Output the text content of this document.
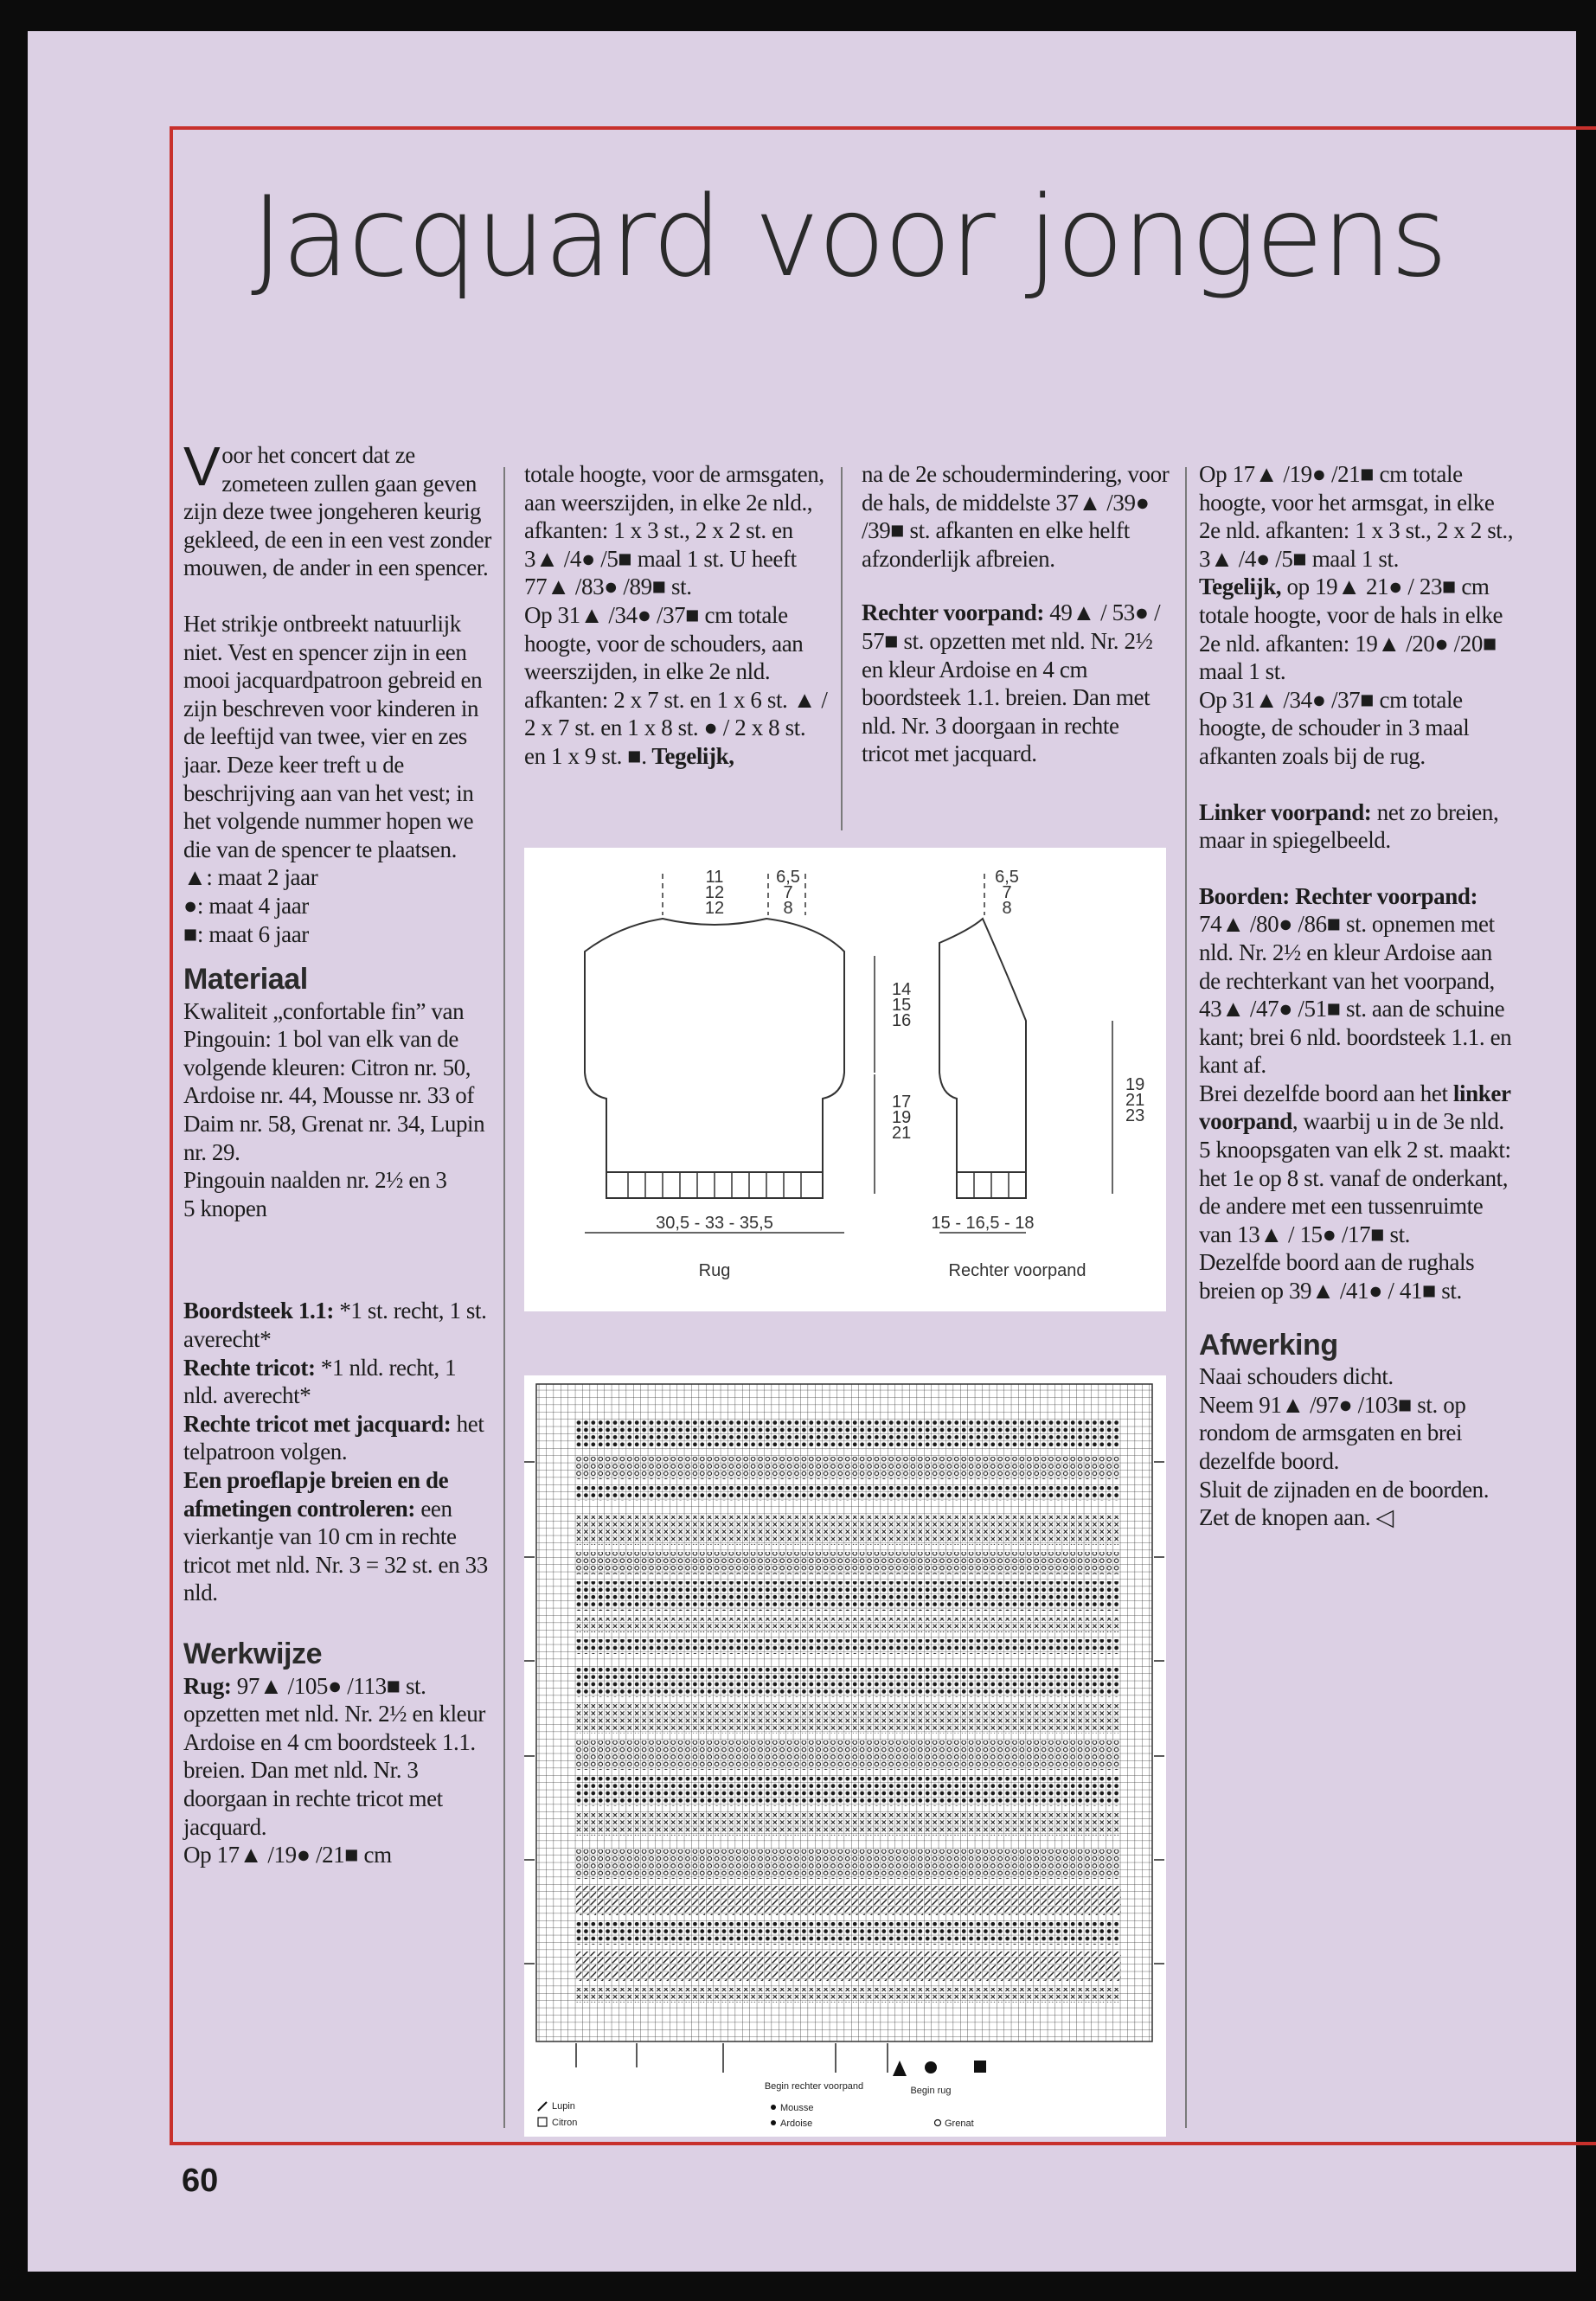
Jacquard voor jongens

Voor het concert dat ze zometeen zullen gaan geven zijn deze twee jongeheren keurig gekleed, de een in een vest zonder mouwen, de ander in een spencer.

Het strikje ontbreekt natuurlijk niet. Vest en spencer zijn in een mooi jacquardpatroon gebreid en zijn beschreven voor kinderen in de leeftijd van twee, vier en zes jaar. Deze keer treft u de beschrijving aan van het vest; in het volgende nummer hopen we die van de spencer te plaatsen.

▲: maat 2 jaar

●: maat 4 jaar

■: maat 6 jaar

Materiaal

Kwaliteit „confortable fin” van Pingouin: 1 bol van elk van de volgende kleuren: Citron nr. 50, Ardoise nr. 44, Mousse nr. 33 of Daim nr. 58, Grenat nr. 34, Lupin nr. 29.

Pingouin naalden nr. 2½ en 3

5 knopen

Boordsteek 1.1: *1 st. recht, 1 st. averecht*

Rechte tricot: *1 nld. recht, 1 nld. averecht*

Rechte tricot met jacquard: het telpatroon volgen.

Een proeflapje breien en de afmetingen controleren: een vierkantje van 10 cm in rechte tricot met nld. Nr. 3 = 32 st. en 33 nld.

Werkwijze

Rug: 97▲ /105● /113■ st. opzetten met nld. Nr. 2½ en kleur Ardoise en 4 cm boordsteek 1.1. breien. Dan met nld. Nr. 3 doorgaan in rechte tricot met jacquard.

Op 17▲ /19● /21■ cm

totale hoogte, voor de armsgaten, aan weerszijden, in elke 2e nld., afkanten: 1 x 3 st., 2 x 2 st. en 3▲ /4● /5■ maal 1 st. U heeft 77▲ /83● /89■ st.

Op 31▲ /34● /37■ cm totale hoogte, voor de schouders, aan weerszijden, in elke 2e nld. afkanten: 2 x 7 st. en 1 x 6 st. ▲ / 2 x 7 st. en 1 x 8 st. ● / 2 x 8 st. en 1 x 9 st. ■. Tegelijk,

na de 2e schoudermindering, voor de hals, de middelste 37▲ /39● /39■ st. afkanten en elke helft afzonderlijk afbreien.

Rechter voorpand: 49▲ / 53● / 57■ st. opzetten met nld. Nr. 2½ en kleur Ardoise en 4 cm boordsteek 1.1. breien. Dan met nld. Nr. 3 doorgaan in rechte tricot met jacquard.

Op 17▲ /19● /21■ cm totale hoogte, voor het armsgat, in elke 2e nld. afkanten: 1 x 3 st., 2 x 2 st., 3▲ /4● /5■ maal 1 st.

Tegelijk, op 19▲ 21● / 23■ cm totale hoogte, voor de hals in elke 2e nld. afkanten: 19▲ /20● /20■ maal 1 st.

Op 31▲ /34● /37■ cm totale hoogte, de schouder in 3 maal afkanten zoals bij de rug.

Linker voorpand: net zo breien, maar in spiegelbeeld.

Boorden: Rechter voorpand: 74▲ /80● /86■ st. opnemen met nld. Nr. 2½ en kleur Ardoise aan de rechterkant van het voorpand, 43▲ /47● /51■ st. aan de schuine kant; brei 6 nld. boordsteek 1.1. en kant af.

Brei dezelfde boord aan het linker voorpand, waarbij u in de 3e nld. 5 knoopsgaten van elk 2 st. maakt: het 1e op 8 st. vanaf de onderkant, de andere met een tussenruimte van 13▲ / 15● /17■ st.

Dezelfde boord aan de rughals breien op 39▲ /41● / 41■ st.

Afwerking

Naai schouders dicht.

Neem 91▲ /97● /103■ st. op rondom de armsgaten en brei dezelfde boord.

Sluit de zijnaden en de boorden.

Zet de knopen aan. ◁

Rug	Rechter voorpand
30,5 - 33 - 35,5	15 - 16,5 - 18
11
12
12
6,5
7
8
14
15
16
17
19
21
6,5
7
8
19
21
23
Lupin
Citron
Mousse
Ardoise	Grenat
Begin rechter voorpand	Begin rug
60
